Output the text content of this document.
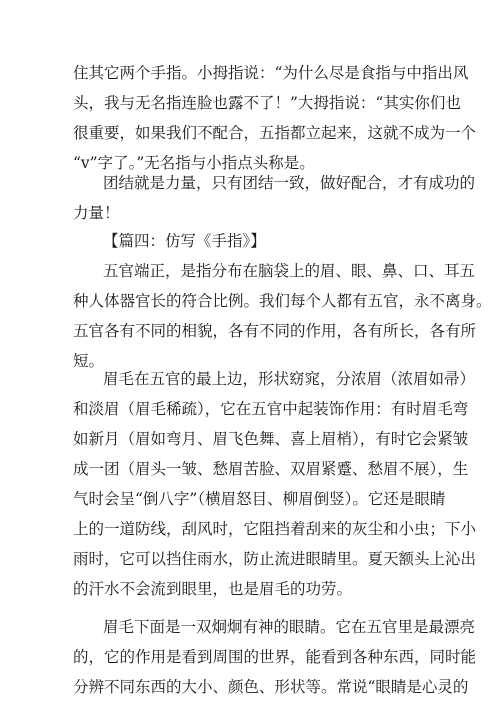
住其它两个手指。小拇指说：“为什么尽是食指与中指出风
头，我与无名指连脸也露不了！”大拇指说：“其实你们也
很重要，如果我们不配合，五指都立起来，这就不成为一个
“v”字了。”无名指与小指点头称是。
团结就是力量，只有团结一致，做好配合，才有成功的
力量！
【篇四：仿写《手指》】
五官端正，是指分布在脑袋上的眉、眼、鼻、口、耳五
种人体器官长的符合比例。我们每个人都有五官，永不离身。
五官各有不同的相貌，各有不同的作用，各有所长，各有所
短。
眉毛在五官的最上边，形状窈窕，分浓眉（浓眉如帚）
和淡眉（眉毛稀疏），它在五官中起装饰作用：有时眉毛弯
如新月（眉如弯月、眉飞色舞、喜上眉梢），有时它会紧皱
成一团（眉头一皱、愁眉苦脸、双眉紧蹙、愁眉不展），生
气时会呈“倒八字”（横眉怒目、柳眉倒竖）。它还是眼睛
上的一道防线，刮风时，它阻挡着刮来的灰尘和小虫；下小
雨时，它可以挡住雨水，防止流进眼睛里。夏天额头上沁出
的汗水不会流到眼里，也是眉毛的功劳。
眉毛下面是一双炯炯有神的眼睛。它在五官里是最漂亮
的，它的作用是看到周围的世界，能看到各种东西，同时能
分辨不同东西的大小、颜色、形状等。常说“眼睛是心灵的
